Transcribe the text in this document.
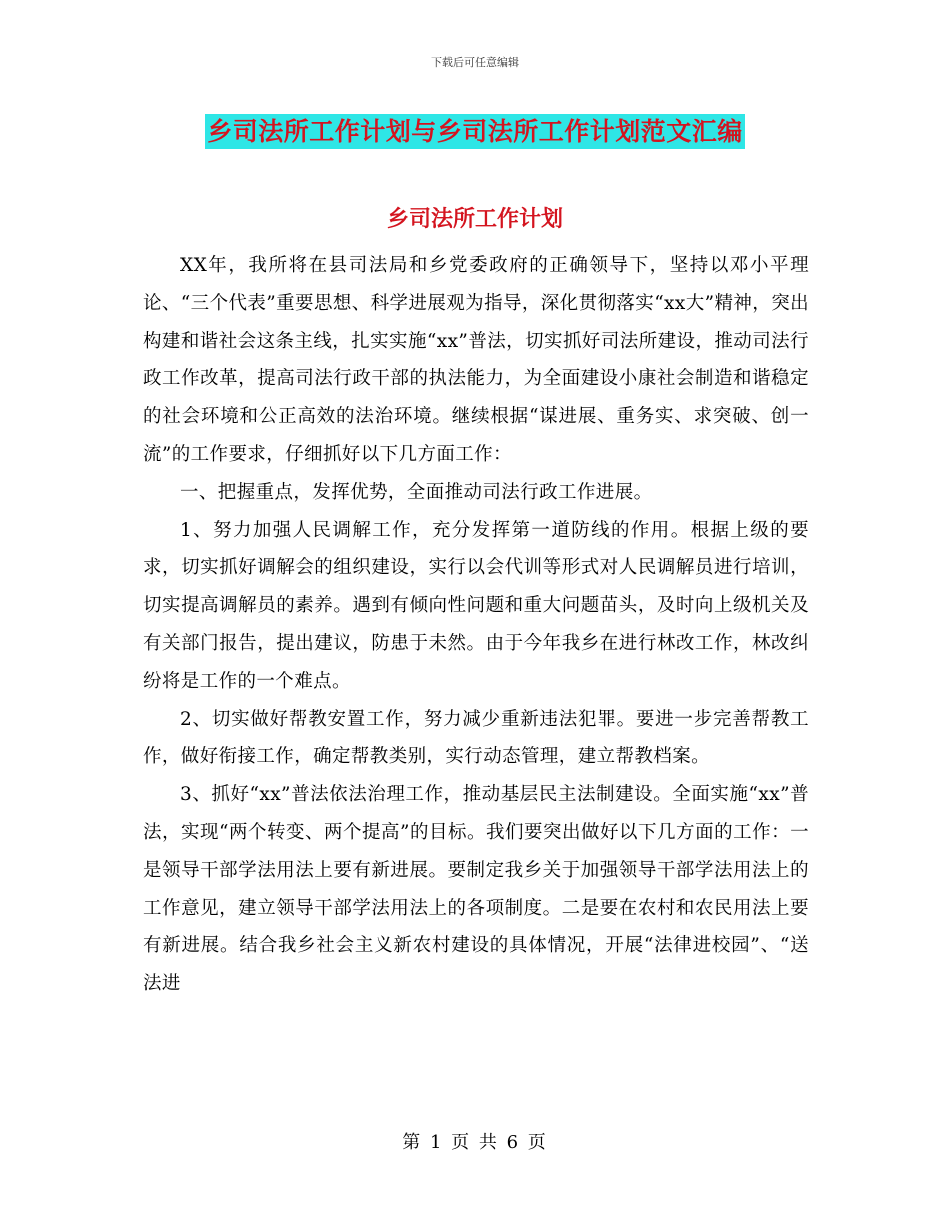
下载后可任意编辑
乡司法所工作计划与乡司法所工作计划范文汇编
乡司法所工作计划

XX年，我所将在县司法局和乡党委政府的正确领导下，坚持以邓小平理论、“三个代表”重要思想、科学进展观为指导，深化贯彻落实“xx大”精神，突出构建和谐社会这条主线，扎实实施“xx”普法，切实抓好司法所建设，推动司法行政工作改革，提高司法行政干部的执法能力，为全面建设小康社会制造和谐稳定的社会环境和公正高效的法治环境。继续根据“谋进展、重务实、求突破、创一流”的工作要求，仔细抓好以下几方面工作：

一、把握重点，发挥优势，全面推动司法行政工作进展。

1、努力加强人民调解工作，充分发挥第一道防线的作用。根据上级的要求，切实抓好调解会的组织建设，实行以会代训等形式对人民调解员进行培训，切实提高调解员的素养。遇到有倾向性问题和重大问题苗头，及时向上级机关及有关部门报告，提出建议，防患于未然。由于今年我乡在进行林改工作，林改纠纷将是工作的一个难点。

2、切实做好帮教安置工作，努力减少重新违法犯罪。要进一步完善帮教工作，做好衔接工作，确定帮教类别，实行动态管理，建立帮教档案。

3、抓好“xx”普法依法治理工作，推动基层民主法制建设。全面实施“xx”普法，实现“两个转变、两个提高”的目标。我们要突出做好以下几方面的工作：一是领导干部学法用法上要有新进展。要制定我乡关于加强领导干部学法用法上的工作意见，建立领导干部学法用法上的各项制度。二是要在农村和农民用法上要有新进展。结合我乡社会主义新农村建设的具体情况，开展“法律进校园”、“送法进

第 1 页 共 6 页
